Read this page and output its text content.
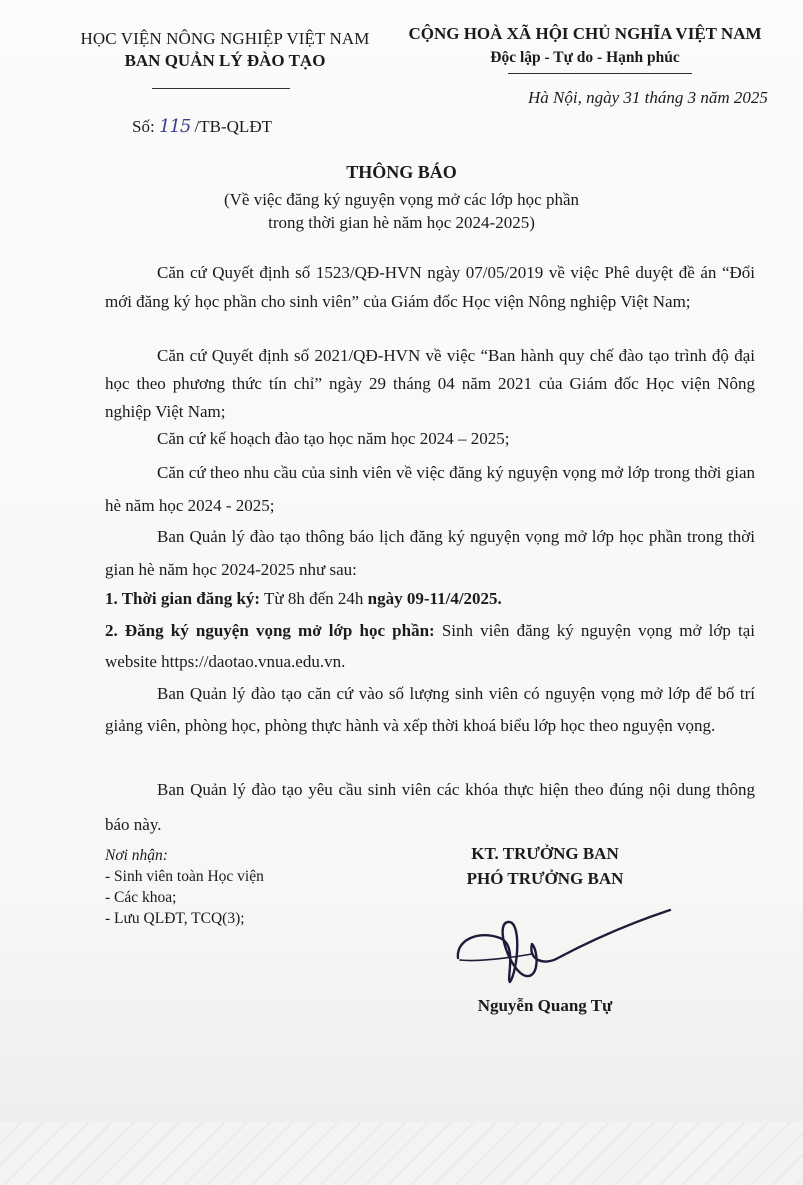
HỌC VIỆN NÔNG NGHIỆP VIỆT NAM
BAN QUẢN LÝ ĐÀO TẠO
CỘNG HOÀ XÃ HỘI CHỦ NGHĨA VIỆT NAM
Độc lập - Tự do - Hạnh phúc
Hà Nội, ngày 31 tháng 3 năm 2025
Số: 115 /TB-QLĐT
THÔNG BÁO
(Về việc đăng ký nguyện vọng mở các lớp học phần
trong thời gian hè năm học 2024-2025)
Căn cứ Quyết định số 1523/QĐ-HVN ngày 07/05/2019 về việc Phê duyệt đề án “Đổi mới đăng ký học phần cho sinh viên” của Giám đốc Học viện Nông nghiệp Việt Nam;
Căn cứ Quyết định số 2021/QĐ-HVN về việc “Ban hành quy chế đào tạo trình độ đại học theo phương thức tín chỉ” ngày 29 tháng 04 năm 2021 của Giám đốc Học viện Nông nghiệp Việt Nam;
Căn cứ kế hoạch đào tạo học năm học 2024 – 2025;
Căn cứ theo nhu cầu của sinh viên về việc đăng ký nguyện vọng mở lớp trong thời gian hè năm học 2024 - 2025;
Ban Quản lý đào tạo thông báo lịch đăng ký nguyện vọng mở lớp học phần trong thời gian hè năm học 2024-2025 như sau:
1. Thời gian đăng ký: Từ 8h đến 24h ngày 09-11/4/2025.
2. Đăng ký nguyện vọng mở lớp học phần: Sinh viên đăng ký nguyện vọng mở lớp tại website https://daotao.vnua.edu.vn.
Ban Quản lý đào tạo căn cứ vào số lượng sinh viên có nguyện vọng mở lớp để bố trí giảng viên, phòng học, phòng thực hành và xếp thời khoá biểu lớp học theo nguyện vọng.
Ban Quản lý đào tạo yêu cầu sinh viên các khóa thực hiện theo đúng nội dung thông báo này.
Nơi nhận:
- Sinh viên toàn Học viện
- Các khoa;
- Lưu QLĐT, TCQ(3);
KT. TRƯỞNG BAN
PHÓ TRƯỞNG BAN
Nguyễn Quang Tự
